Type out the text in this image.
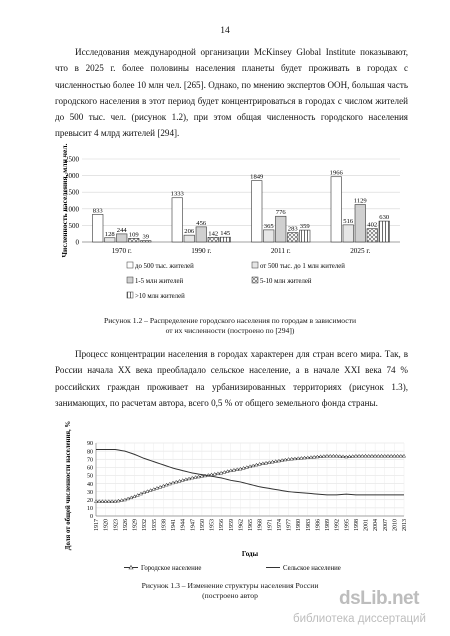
14

Исследования международной организации McKinsey Global Institute показывают, что в 2025 г. более половины населения планеты будет проживать в городах с численностью более 10 млн чел. [265]. Однако, по мнению экспертов ООН, большая часть городского населения в этот период будет концентрироваться в городах с числом жителей до 500 тыс. чел. (рисунок 1.2), при этом общая численность городского населения превысит 4 млрд жителей [294].

0
500
1000
1500
2000
2500
Численность населения, млн чел.	833
128
244
109 39
1970 г.
1333
206
456
142 145
1990 г.
1849
365
776
283 359
2011 г.
1966
516
1129
402
630
2025 г.
до 500 тыс. жителей	от 500 тыс. до 1 млн жителей
1-5 млн жителей	5-10 млн жителей
>10 млн жителей
Рисунок 1.2 – Распределение городского населения по городам в зависимости
от их численности (построено по [294])

Процесс концентрации населения в городах характерен для стран всего мира. Так, в России начала ХХ века преобладало сельское население, а в начале XXI века 74 % российских граждан проживает на урбанизированных территориях (рисунок 1.3), занимающих, по расчетам автора, всего 0,5 % от общего земельного фонда страны.

0
10
20
30
40
50
60
70
80
90
1917 1920 1923 1926 1929 1932 1935 1938 1941 1944 1947 1950 1953 1956 1959 1962 1965 1968 1971 1974 1977 1980 1983 1986 1989 1992 1995 1998 2001 2004 2007 2010 2013
Доля от общей численности населения, %
Годы
Городское население	Сельское население
Рисунок 1.3 – Изменение структуры населения России
(построено автор	dsLib.net
библиотека диссертаций
